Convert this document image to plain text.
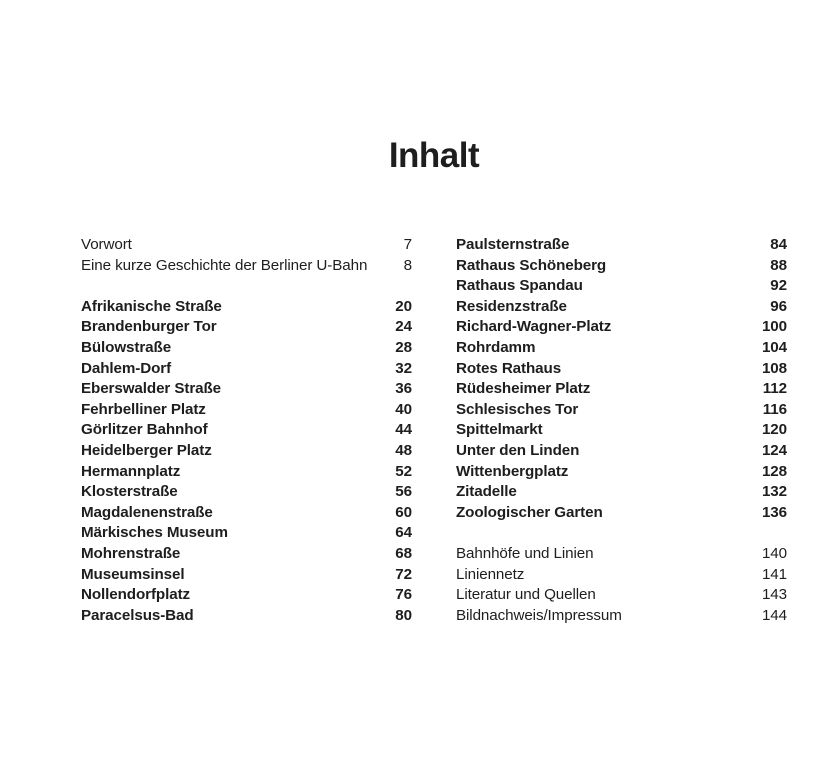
Inhalt
Vorwort	7
Eine kurze Geschichte der Berliner U-Bahn 8
Afrikanische Straße	20
Brandenburger Tor	24
Bülowstraße	28
Dahlem-Dorf	32
Eberswalder Straße	36
Fehrbelliner Platz	40
Görlitzer Bahnhof	44
Heidelberger Platz	48
Hermannplatz	52
Klosterstraße	56
Magdalenenstraße	60
Märkisches Museum	64
Mohrenstraße	68
Museumsinsel	72
Nollendorfplatz	76
Paracelsus-Bad	80
Paulsternstraße	84
Rathaus Schöneberg	88
Rathaus Spandau	92
Residenzstraße	96
Richard-Wagner-Platz	100
Rohrdamm	104
Rotes Rathaus	108
Rüdesheimer Platz	112
Schlesisches Tor	116
Spittelmarkt	120
Unter den Linden	124
Wittenbergplatz	128
Zitadelle	132
Zoologischer Garten	136
Bahnhöfe und Linien	140
Liniennetz	141
Literatur und Quellen	143
Bildnachweis/Impressum	144
